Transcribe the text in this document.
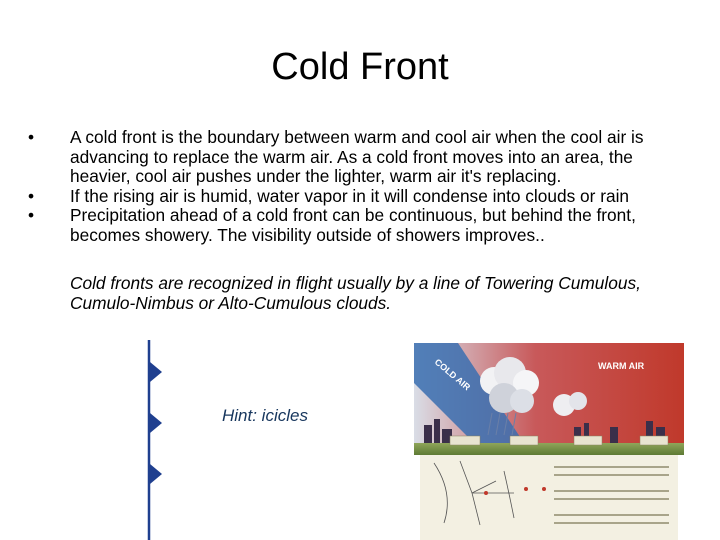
Cold Front
•	A cold front is the boundary between warm and cool air when the cool air is advancing to replace the warm air. As a cold front moves into an area, the heavier, cool air pushes under the lighter, warm air it's replacing.
•	If the rising air is humid, water vapor in it will condense into clouds or rain
•	Precipitation ahead of a cold front can be continuous, but behind the front, becomes showery. The visibility outside of showers improves..
Cold fronts are recognized in flight usually by a line of Towering Cumulous, Cumulo-Nimbus or Alto-Cumulous clouds.
Hint: icicles
COLD AIR	WARM AIR
